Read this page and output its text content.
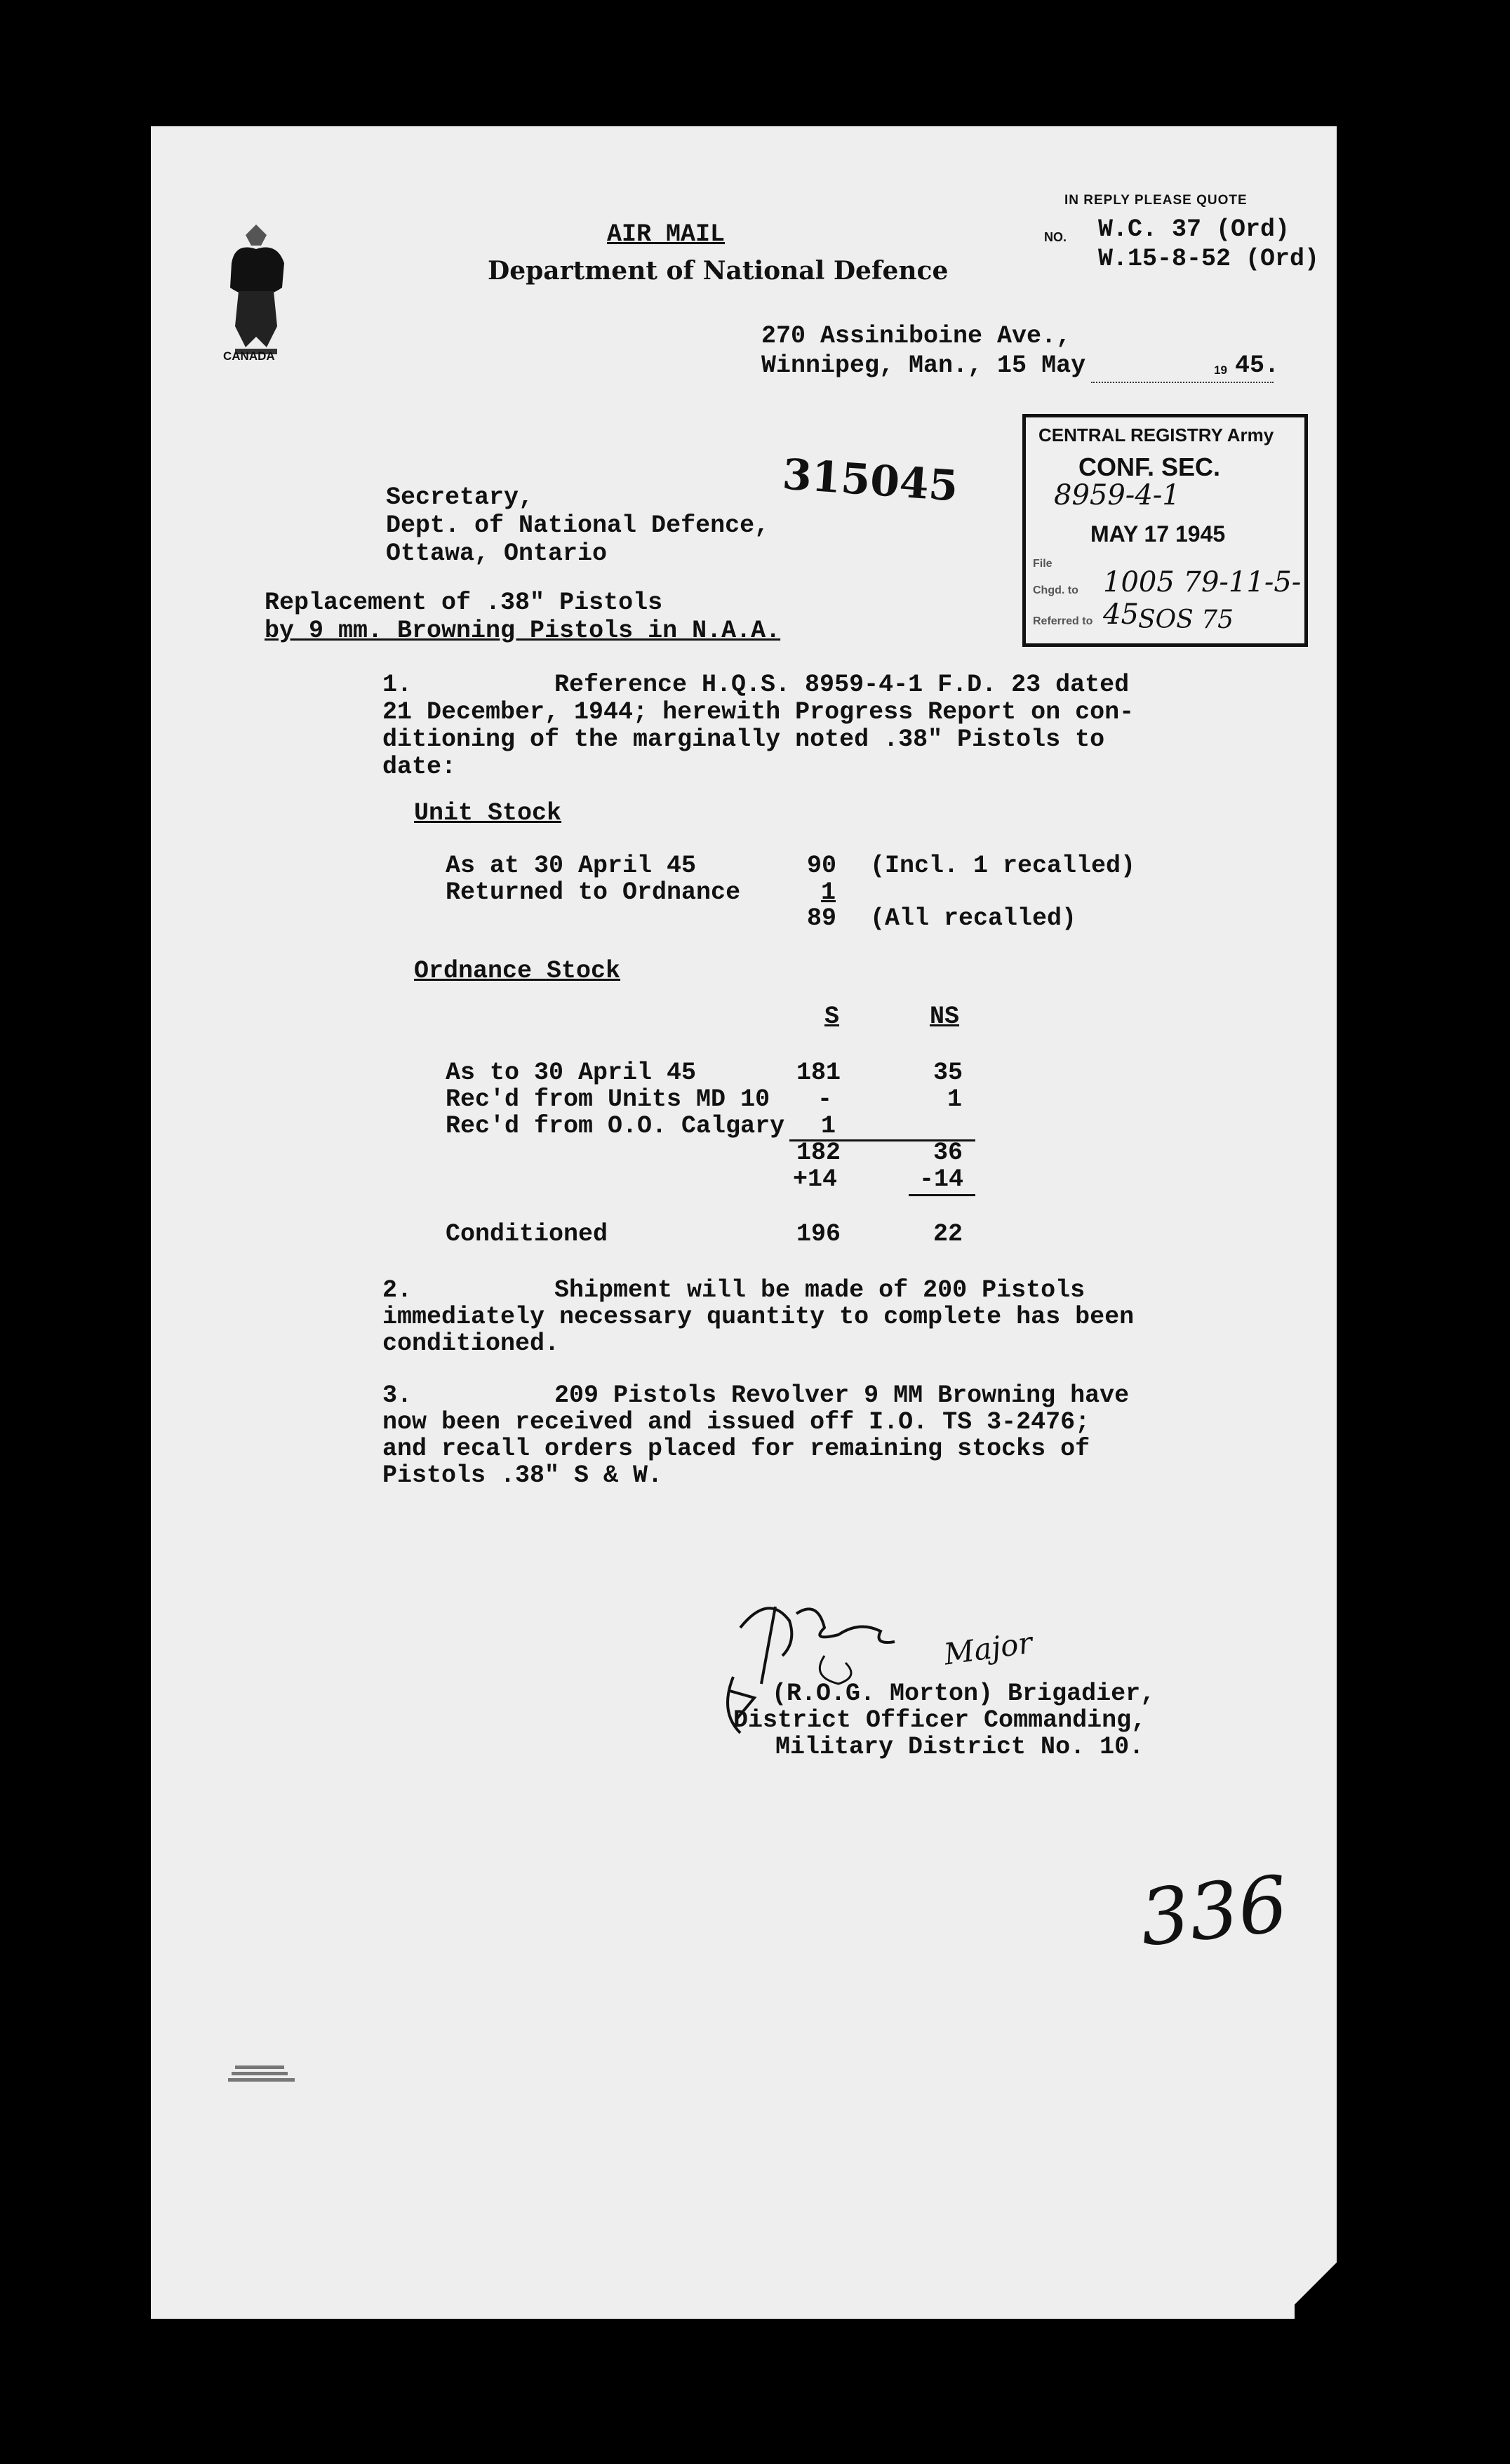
CANADA
AIR MAIL
Department of National Defence
IN REPLY PLEASE QUOTE
NO. W.C. 37 (Ord)
W.15-8-52 (Ord)
270 Assiniboine Ave.,
Winnipeg, Man., 15 May	19 45.
315045
CENTRAL REGISTRY Army
CONF. SEC.
8959-4-1
MAY 17 1945
File
Chgd. to 1005 79-11-5-45
Referred to SOS 75
Secretary,
Dept. of National Defence,
Ottawa, Ontario
Replacement of .38" Pistols
by 9 mm. Browning Pistols in N.A.A.
1.	Reference H.Q.S. 8959-4-1 F.D. 23 dated
21 December, 1944; herewith Progress Report on con-
ditioning of the marginally noted .38" Pistols to
date:
Unit Stock
As at 30 April 45	90 (Incl. 1 recalled)
Returned to Ordnance	1
89 (All recalled)
Ordnance Stock
S	NS
As to 30 April 45	181	35
Rec'd from Units MD 10 -	1
Rec'd from O.O. Calgary 1
182	36
+14	-14
Conditioned	196	22
2.	Shipment will be made of 200 Pistols
immediately necessary quantity to complete has been
conditioned.
3.	209 Pistols Revolver 9 MM Browning have
now been received and issued off I.O. TS 3-2476;
and recall orders placed for remaining stocks of
Pistols .38" S & W.
Major
(R.O.G. Morton) Brigadier,
District Officer Commanding,
Military District No. 10.
336
